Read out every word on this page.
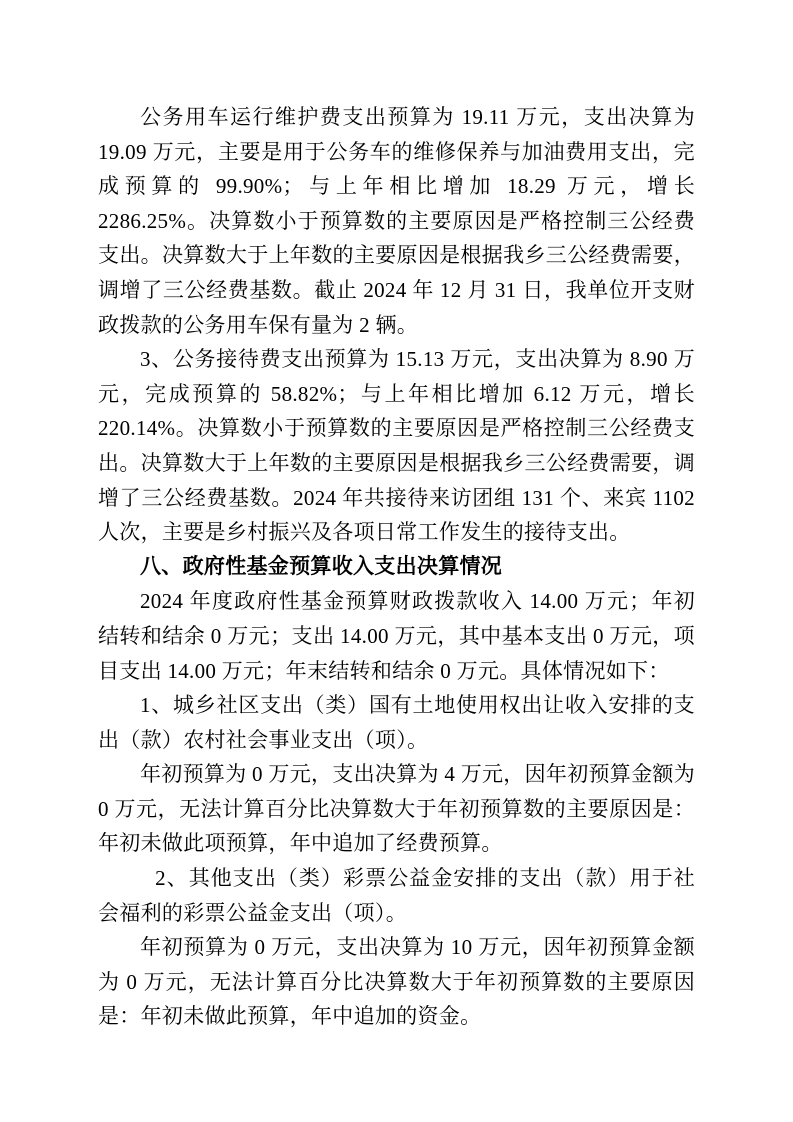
公务用车运行维护费支出预算为 19.11 万元，支出决算为 19.09 万元，主要是用于公务车的维修保养与加油费用支出，完成预算的 99.90%；与上年相比增加 18.29 万元，增长 2286.25%。决算数小于预算数的主要原因是严格控制三公经费支出。决算数大于上年数的主要原因是根据我乡三公经费需要，调增了三公经费基数。截止 2024 年 12 月 31 日，我单位开支财政拨款的公务用车保有量为 2 辆。

3、公务接待费支出预算为 15.13 万元，支出决算为 8.90 万元，完成预算的 58.82%；与上年相比增加 6.12 万元，增长 220.14%。决算数小于预算数的主要原因是严格控制三公经费支出。决算数大于上年数的主要原因是根据我乡三公经费需要，调增了三公经费基数。2024 年共接待来访团组 131 个、来宾 1102 人次，主要是乡村振兴及各项日常工作发生的接待支出。

八、政府性基金预算收入支出决算情况

2024 年度政府性基金预算财政拨款收入 14.00 万元；年初结转和结余 0 万元；支出 14.00 万元，其中基本支出 0 万元，项目支出 14.00 万元；年末结转和结余 0 万元。具体情况如下：

1、城乡社区支出（类）国有土地使用权出让收入安排的支出（款）农村社会事业支出（项）。

年初预算为 0 万元，支出决算为 4 万元，因年初预算金额为 0 万元，无法计算百分比决算数大于年初预算数的主要原因是：年初未做此项预算，年中追加了经费预算。

2、其他支出（类）彩票公益金安排的支出（款）用于社会福利的彩票公益金支出（项）。

年初预算为 0 万元，支出决算为 10 万元，因年初预算金额为 0 万元，无法计算百分比决算数大于年初预算数的主要原因是：年初未做此预算，年中追加的资金。
